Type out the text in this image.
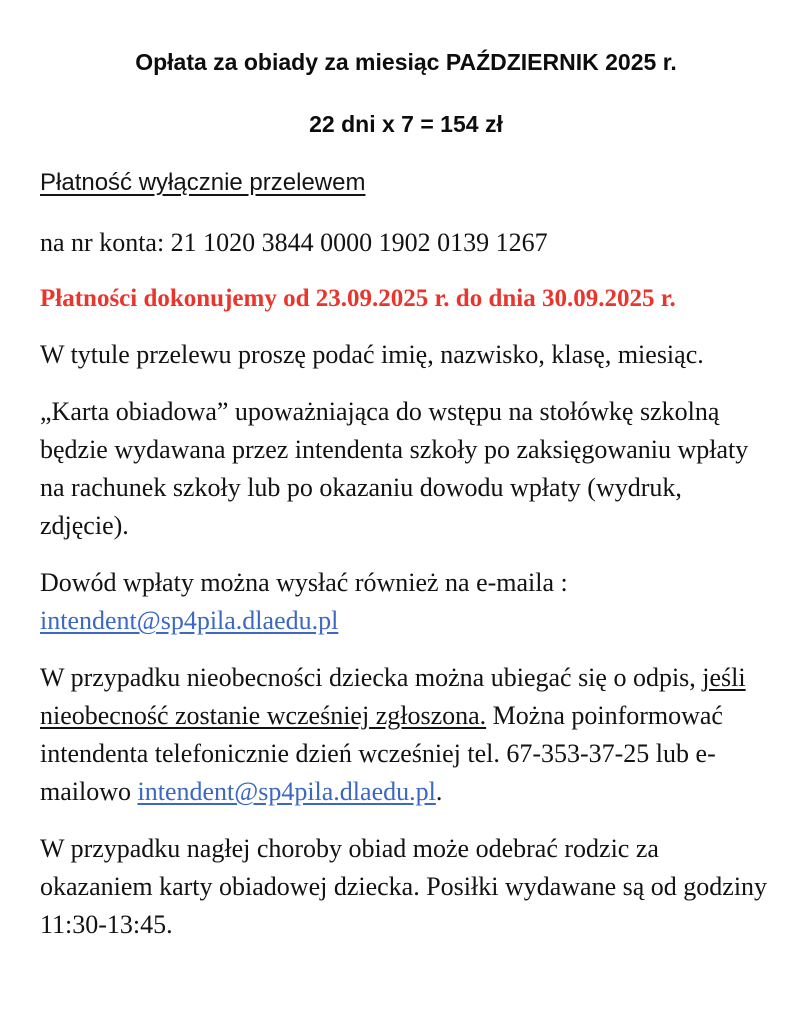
Opłata za obiady za miesiąc PAŹDZIERNIK 2025 r.
22 dni x 7 = 154 zł
Płatność wyłącznie przelewem

na nr konta: 21 1020 3844 0000 1902 0139 1267

Płatności dokonujemy od 23.09.2025 r. do dnia 30.09.2025 r.

W tytule przelewu proszę podać imię, nazwisko, klasę, miesiąc.

„Karta obiadowa” upoważniająca do wstępu na stołówkę szkolną będzie wydawana przez intendenta szkoły po zaksięgowaniu wpłaty na rachunek szkoły lub po okazaniu dowodu wpłaty (wydruk, zdjęcie).

Dowód wpłaty można wysłać również na e-maila : intendent@sp4pila.dlaedu.pl

W przypadku nieobecności dziecka można ubiegać się o odpis, jeśli nieobecność zostanie wcześniej zgłoszona. Można poinformować intendenta telefonicznie dzień wcześniej tel. 67-353-37-25 lub e-mailowo intendent@sp4pila.dlaedu.pl.

W przypadku nagłej choroby obiad może odebrać rodzic za okazaniem karty obiadowej dziecka. Posiłki wydawane są od godziny 11:30-13:45.
